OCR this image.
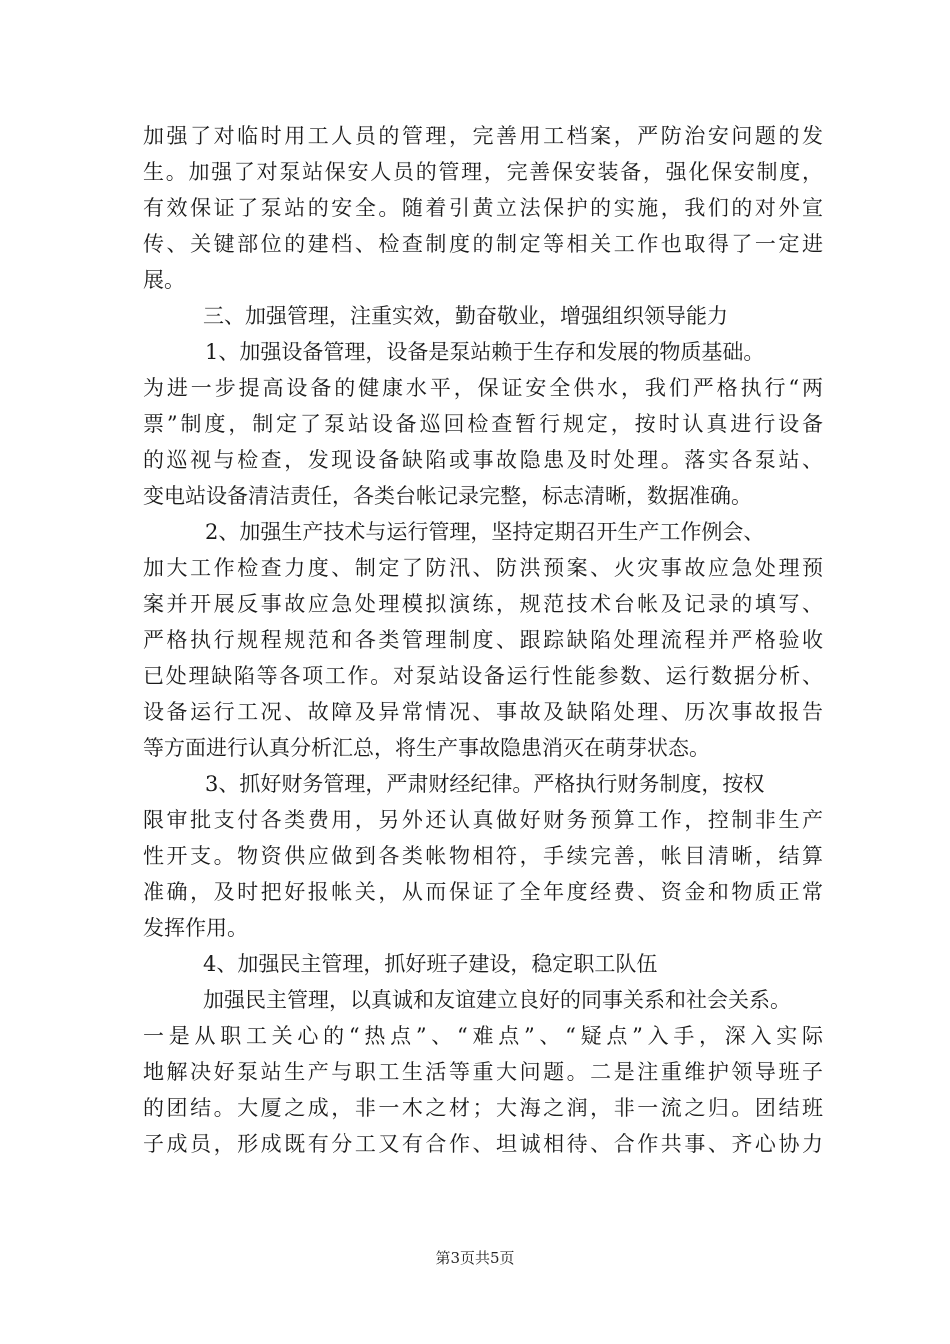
加强了对临时用工人员的管理，完善用工档案，严防治安问题的发
生。加强了对泵站保安人员的管理，完善保安装备，强化保安制度，
有效保证了泵站的安全。随着引黄立法保护的实施，我们的对外宣
传、关键部位的建档、检查制度的制定等相关工作也取得了一定进
展。
三、加强管理，注重实效，勤奋敬业，增强组织领导能力
1、加强设备管理，设备是泵站赖于生存和发展的物质基础。
为进一步提高设备的健康水平，保证安全供水，我们严格执行“两
票”制度，制定了泵站设备巡回检查暂行规定，按时认真进行设备
的巡视与检查，发现设备缺陷或事故隐患及时处理。落实各泵站、
变电站设备清洁责任，各类台帐记录完整，标志清晰，数据准确。
2、加强生产技术与运行管理，坚持定期召开生产工作例会、
加大工作检查力度、制定了防汛、防洪预案、火灾事故应急处理预
案并开展反事故应急处理模拟演练，规范技术台帐及记录的填写、
严格执行规程规范和各类管理制度、跟踪缺陷处理流程并严格验收
已处理缺陷等各项工作。对泵站设备运行性能参数、运行数据分析、
设备运行工况、故障及异常情况、事故及缺陷处理、历次事故报告
等方面进行认真分析汇总，将生产事故隐患消灭在萌芽状态。
3、抓好财务管理，严肃财经纪律。严格执行财务制度，按权
限审批支付各类费用，另外还认真做好财务预算工作，控制非生产
性开支。物资供应做到各类帐物相符，手续完善，帐目清晰，结算
准确，及时把好报帐关，从而保证了全年度经费、资金和物质正常
发挥作用。
4、加强民主管理，抓好班子建设，稳定职工队伍
加强民主管理，以真诚和友谊建立良好的同事关系和社会关系。
一是从职工关心的“热点”、“难点”、“疑点”入手，深入实际
地解决好泵站生产与职工生活等重大问题。二是注重维护领导班子
的团结。大厦之成，非一木之材；大海之润，非一流之归。团结班
子成员，形成既有分工又有合作、坦诚相待、合作共事、齐心协力
第3页共5页
